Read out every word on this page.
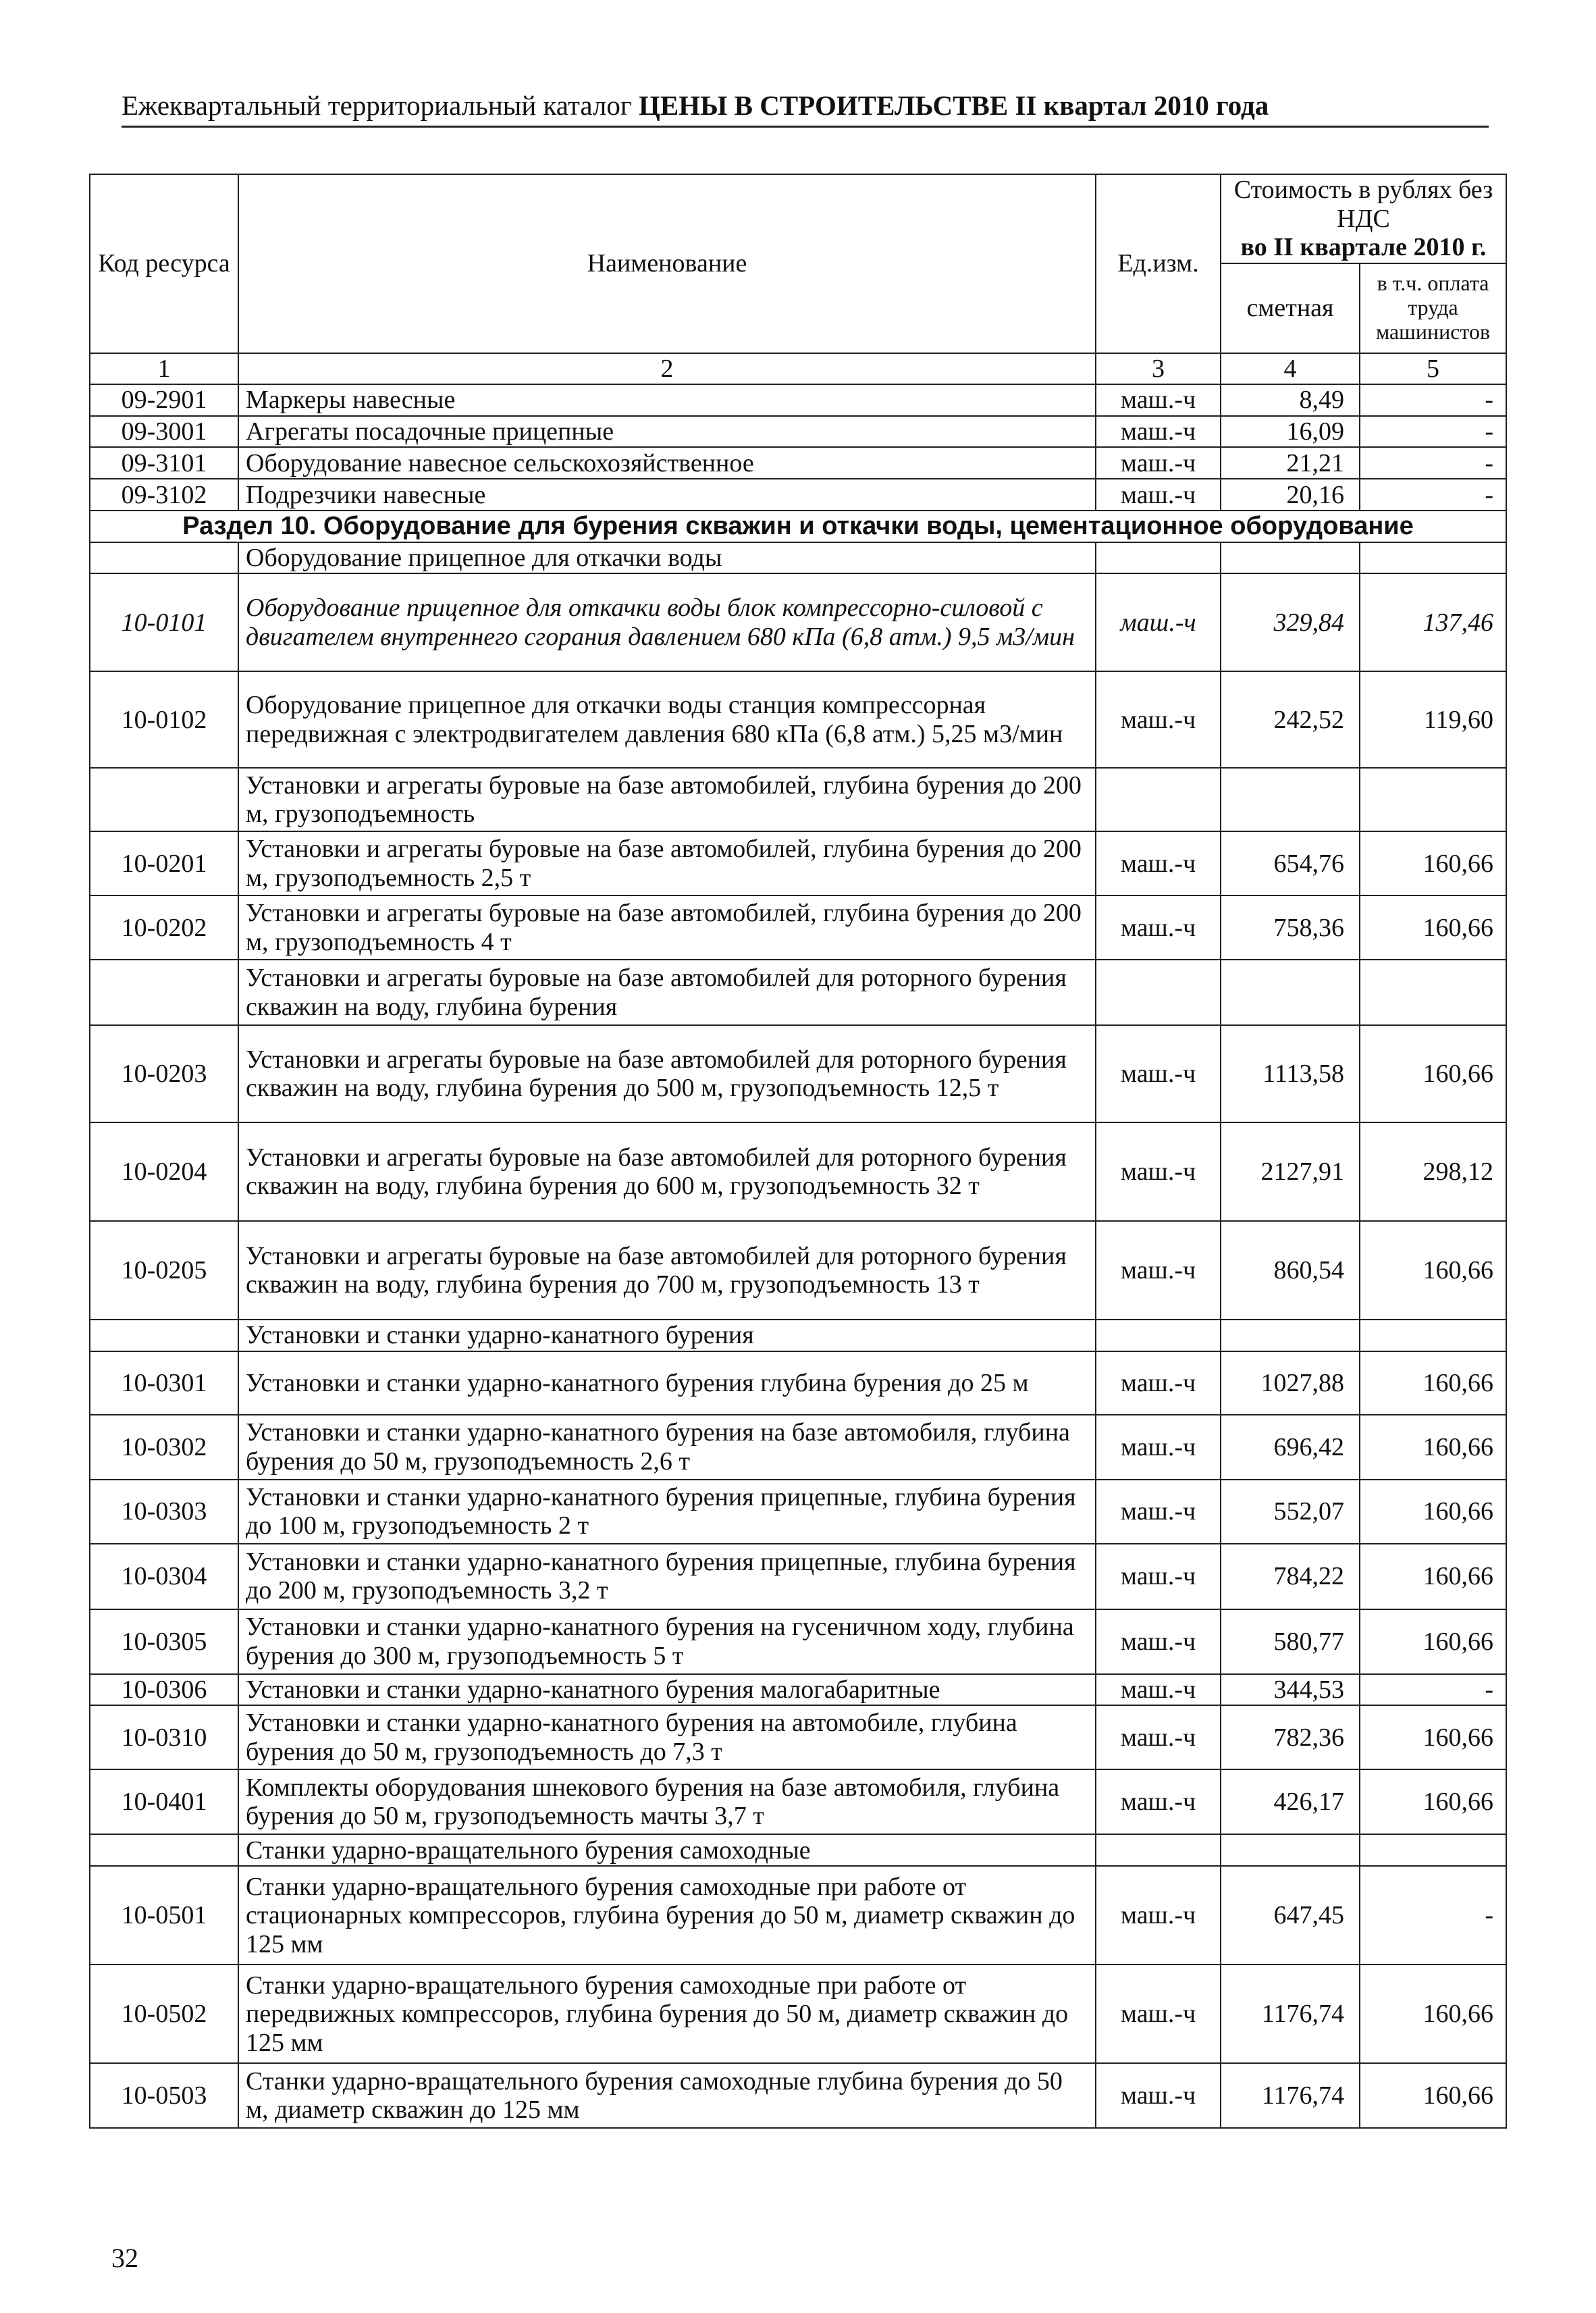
Ежеквартальный территориальный каталог ЦЕНЫ В СТРОИТЕЛЬСТВЕ II квартал 2010 года
Код ресурса	Наименование	Ед.изм.	Стоимость в рублях без НДС
во II квартале 2010 г.	

			сметная	в т.ч. оплата труда машинистов
1	2	3	4	5
09-2901	Маркеры навесные	маш.-ч	8,49	-
09-3001	Агрегаты посадочные прицепные	маш.-ч	16,09	-
09-3101	Оборудование навесное сельскохозяйственное	маш.-ч	21,21	-
09-3102	Подрезчики навесные	маш.-ч	20,16	-
Раздел 10. Оборудование для бурения скважин и откачки воды, цементационное оборудование				
	Оборудование прицепное для откачки воды			
10-0101	Оборудование прицепное для откачки воды блок компрессорно-силовой с двигателем внутреннего сгорания давлением 680 кПа (6,8 атм.) 9,5 м3/мин	маш.-ч	329,84	137,46
10-0102	Оборудование прицепное для откачки воды станция компрессорная передвижная с электродвигателем давления 680 кПа (6,8 атм.) 5,25 м3/мин	маш.-ч	242,52	119,60
	Установки и агрегаты буровые на базе автомобилей, глубина бурения до 200 м, грузоподъемность			
10-0201	Установки и агрегаты буровые на базе автомобилей, глубина бурения до 200 м, грузоподъемность 2,5 т	маш.-ч	654,76	160,66
10-0202	Установки и агрегаты буровые на базе автомобилей, глубина бурения до 200 м, грузоподъемность 4 т	маш.-ч	758,36	160,66
	Установки и агрегаты буровые на базе автомобилей для роторного бурения скважин на воду, глубина бурения			
10-0203	Установки и агрегаты буровые на базе автомобилей для роторного бурения скважин на воду, глубина бурения до 500 м, грузоподъемность 12,5 т	маш.-ч	1113,58	160,66
10-0204	Установки и агрегаты буровые на базе автомобилей для роторного бурения скважин на воду, глубина бурения до 600 м, грузоподъемность 32 т	маш.-ч	2127,91	298,12
10-0205	Установки и агрегаты буровые на базе автомобилей для роторного бурения скважин на воду, глубина бурения до 700 м, грузоподъемность 13 т	маш.-ч	860,54	160,66
	Установки и станки ударно-канатного бурения			
10-0301	Установки и станки ударно-канатного бурения глубина бурения до 25 м	маш.-ч	1027,88	160,66
10-0302	Установки и станки ударно-канатного бурения на базе автомобиля, глубина бурения до 50 м, грузоподъемность 2,6 т	маш.-ч	696,42	160,66
10-0303	Установки и станки ударно-канатного бурения прицепные, глубина бурения до 100 м, грузоподъемность 2 т	маш.-ч	552,07	160,66
10-0304	Установки и станки ударно-канатного бурения прицепные, глубина бурения до 200 м, грузоподъемность 3,2 т	маш.-ч	784,22	160,66
10-0305	Установки и станки ударно-канатного бурения на гусеничном ходу, глубина бурения до 300 м, грузоподъемность 5 т	маш.-ч	580,77	160,66
10-0306	Установки и станки ударно-канатного бурения малогабаритные	маш.-ч	344,53	-
10-0310	Установки и станки ударно-канатного бурения на автомобиле, глубина бурения до 50 м, грузоподъемность до 7,3 т	маш.-ч	782,36	160,66
10-0401	Комплекты оборудования шнекового бурения на базе автомобиля, глубина бурения до 50 м, грузоподъемность мачты 3,7 т	маш.-ч	426,17	160,66
	Станки ударно-вращательного бурения самоходные			
10-0501	Станки ударно-вращательного бурения самоходные при работе от стационарных компрессоров, глубина бурения до 50 м, диаметр скважин до 125 мм	маш.-ч	647,45	-
10-0502	Станки ударно-вращательного бурения самоходные при работе от передвижных компрессоров, глубина бурения до 50 м, диаметр скважин до 125 мм	маш.-ч	1176,74	160,66
10-0503	Станки ударно-вращательного бурения самоходные глубина бурения до 50 м, диаметр скважин до 125 мм	маш.-ч	1176,74	160,66
32
